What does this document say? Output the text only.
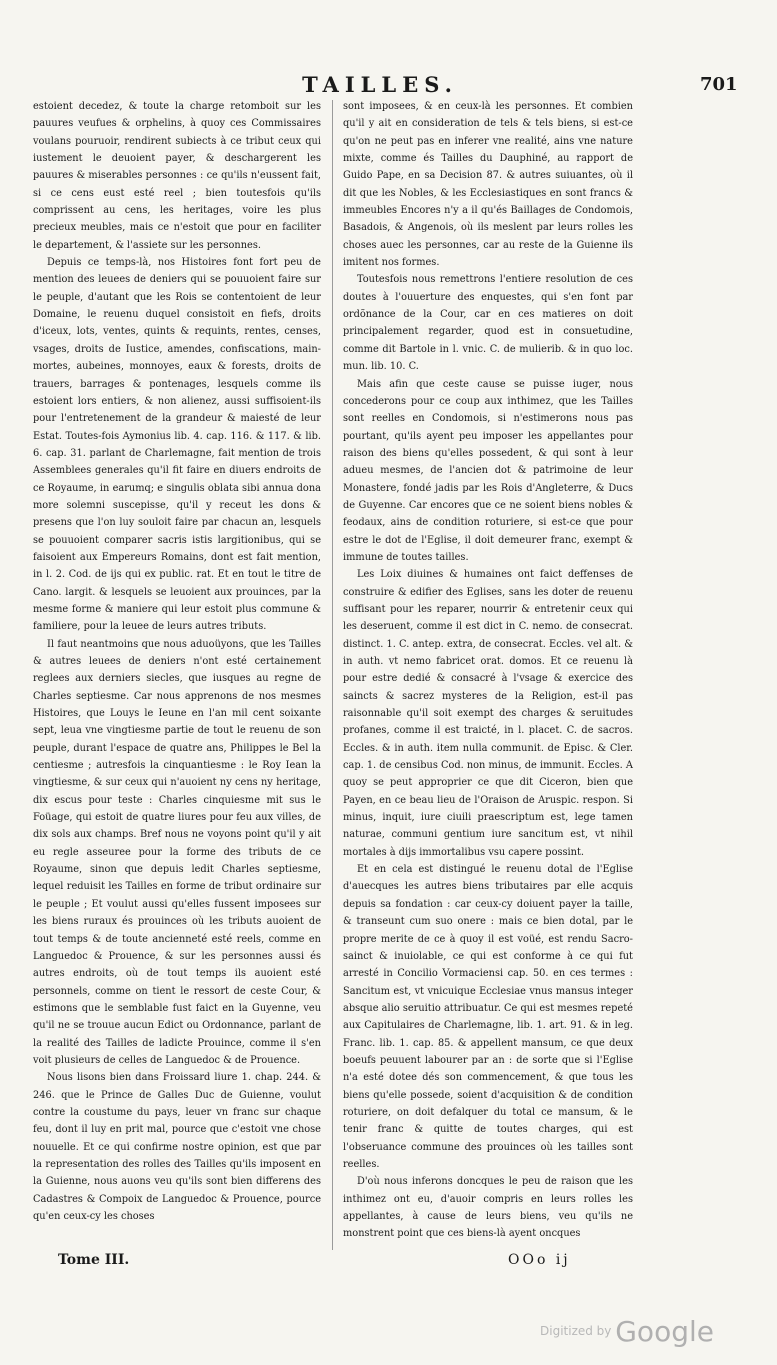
TAILLES.	701

estoient decedez, & toute la charge retomboit sur les pauures veufues & orphelins, à quoy ces Commissaires voulans pouruoir, rendirent subiects à ce tribut ceux qui iustement le deuoient payer, & deschargerent les pauures & miserables personnes : ce qu'ils n'eussent fait, si ce cens eust esté reel ; bien toutesfois qu'ils comprissent au cens, les heritages, voire les plus precieux meubles, mais ce n'estoit que pour en faciliter le departement, & l'assiete sur les personnes.

Depuis ce temps-là, nos Histoires font fort peu de mention des leuees de deniers qui se pouuoient faire sur le peuple, d'autant que les Rois se contentoient de leur Domaine, le reuenu duquel consistoit en fiefs, droits d'iceux, lots, ventes, quints & requints, rentes, censes, vsages, droits de Iustice, amendes, confiscations, main-mortes, aubeines, monnoyes, eaux & forests, droits de trauers, barrages & pontenages, lesquels comme ils estoient lors entiers, & non alienez, aussi suffisoient-ils pour l'entretenement de la grandeur & maiesté de leur Estat. Toutes-fois Aymonius lib. 4. cap. 116. & 117. & lib. 6. cap. 31. parlant de Charlemagne, fait mention de trois Assemblees generales qu'il fit faire en diuers endroits de ce Royaume, in earumq; e singulis oblata sibi annua dona more solemni suscepisse, qu'il y receut les dons & presens que l'on luy souloit faire par chacun an, lesquels se pouuoient comparer sacris istis largitionibus, qui se faisoient aux Empereurs Romains, dont est fait mention, in l. 2. Cod. de ijs qui ex public. rat. Et en tout le titre de Cano. largit. & lesquels se leuoient aux prouinces, par la mesme forme & maniere qui leur estoit plus commune & familiere, pour la leuee de leurs autres tributs.

Il faut neantmoins que nous aduoüyons, que les Tailles & autres leuees de deniers n'ont esté certainement reglees aux derniers siecles, que iusques au regne de Charles septiesme. Car nous apprenons de nos mesmes Histoires, que Louys le Ieune en l'an mil cent soixante sept, leua vne vingtiesme partie de tout le reuenu de son peuple, durant l'espace de quatre ans, Philippes le Bel la centiesme ; autresfois la cinquantiesme : le Roy Iean la vingtiesme, & sur ceux qui n'auoient ny cens ny heritage, dix escus pour teste : Charles cinquiesme mit sus le Foüage, qui estoit de quatre liures pour feu aux villes, de dix sols aux champs. Bref nous ne voyons point qu'il y ait eu regle asseuree pour la forme des tributs de ce Royaume, sinon que depuis ledit Charles septiesme, lequel reduisit les Tailles en forme de tribut ordinaire sur le peuple ; Et voulut aussi qu'elles fussent imposees sur les biens ruraux és prouinces où les tributs auoient de tout temps & de toute ancienneté esté reels, comme en Languedoc & Prouence, & sur les personnes aussi és autres endroits, où de tout temps ils auoient esté personnels, comme on tient le ressort de ceste Cour, & estimons que le semblable fust faict en la Guyenne, veu qu'il ne se trouue aucun Edict ou Ordonnance, parlant de la realité des Tailles de ladicte Prouince, comme il s'en voit plusieurs de celles de Languedoc & de Prouence.

Nous lisons bien dans Froissard liure 1. chap. 244. & 246. que le Prince de Galles Duc de Guienne, voulut contre la coustume du pays, leuer vn franc sur chaque feu, dont il luy en prit mal, pource que c'estoit vne chose nouuelle. Et ce qui confirme nostre opinion, est que par la representation des rolles des Tailles qu'ils imposent en la Guienne, nous auons veu qu'ils sont bien differens des Cadastres & Compoix de Languedoc & Prouence, pource qu'en ceux-cy les choses

sont imposees, & en ceux-là les personnes. Et combien qu'il y ait en consideration de tels & tels biens, si est-ce qu'on ne peut pas en inferer vne realité, ains vne nature mixte, comme és Tailles du Dauphiné, au rapport de Guido Pape, en sa Decision 87. & autres suiuantes, où il dit que les Nobles, & les Ecclesiastiques en sont francs & immeubles Encores n'y a il qu'és Baillages de Condomois, Basadois, & Angenois, où ils meslent par leurs rolles les choses auec les personnes, car au reste de la Guienne ils imitent nos formes.

Toutesfois nous remettrons l'entiere resolution de ces doutes à l'ouuerture des enquestes, qui s'en font par ordõnance de la Cour, car en ces matieres on doit principalement regarder, quod est in consuetudine, comme dit Bartole in l. vnic. C. de mulierib. & in quo loc. mun. lib. 10. C.

Mais afin que ceste cause se puisse iuger, nous concederons pour ce coup aux inthimez, que les Tailles sont reelles en Condomois, si n'estimerons nous pas pourtant, qu'ils ayent peu imposer les appellantes pour raison des biens qu'elles possedent, & qui sont à leur adueu mesmes, de l'ancien dot & patrimoine de leur Monastere, fondé jadis par les Rois d'Angleterre, & Ducs de Guyenne. Car encores que ce ne soient biens nobles & feodaux, ains de condition roturiere, si est-ce que pour estre le dot de l'Eglise, il doit demeurer franc, exempt & immune de toutes tailles.

Les Loix diuines & humaines ont faict deffenses de construire & edifier des Eglises, sans les doter de reuenu suffisant pour les reparer, nourrir & entretenir ceux qui les deseruent, comme il est dict in C. nemo. de consecrat. distinct. 1. C. antep. extra, de consecrat. Eccles. vel alt. & in auth. vt nemo fabricet orat. domos. Et ce reuenu là pour estre dedié & consacré à l'vsage & exercice des saincts & sacrez mysteres de la Religion, est-il pas raisonnable qu'il soit exempt des charges & seruitudes profanes, comme il est traicté, in l. placet. C. de sacros. Eccles. & in auth. item nulla communit. de Episc. & Cler. cap. 1. de censibus Cod. non minus, de immunit. Eccles. A quoy se peut approprier ce que dit Ciceron, bien que Payen, en ce beau lieu de l'Oraison de Aruspic. respon. Si minus, inquit, iure ciuili praescriptum est, lege tamen naturae, communi gentium iure sancitum est, vt nihil mortales à dijs immortalibus vsu capere possint.

Et en cela est distingué le reuenu dotal de l'Eglise d'auecques les autres biens tributaires par elle acquis depuis sa fondation : car ceux-cy doiuent payer la taille, & transeunt cum suo onere : mais ce bien dotal, par le propre merite de ce à quoy il est voüé, est rendu Sacro-sainct & inuiolable, ce qui est conforme à ce qui fut arresté in Concilio Vormaciensi cap. 50. en ces termes : Sancitum est, vt vnicuique Ecclesiae vnus mansus integer absque alio seruitio attribuatur. Ce qui est mesmes repeté aux Capitulaires de Charlemagne, lib. 1. art. 91. & in leg. Franc. lib. 1. cap. 85. & appellent mansum, ce que deux boeufs peuuent labourer par an : de sorte que si l'Eglise n'a esté dotee dés son commencement, & que tous les biens qu'elle possede, soient d'acquisition & de condition roturiere, on doit defalquer du total ce mansum, & le tenir franc & quitte de toutes charges, qui est l'obseruance commune des prouinces où les tailles sont reelles.

D'où nous inferons doncques le peu de raison que les inthimez ont eu, d'auoir compris en leurs rolles les appellantes, à cause de leurs biens, veu qu'ils ne monstrent point que ces biens-là ayent oncques

Tome III.	OOo ij
Digitized by Google
